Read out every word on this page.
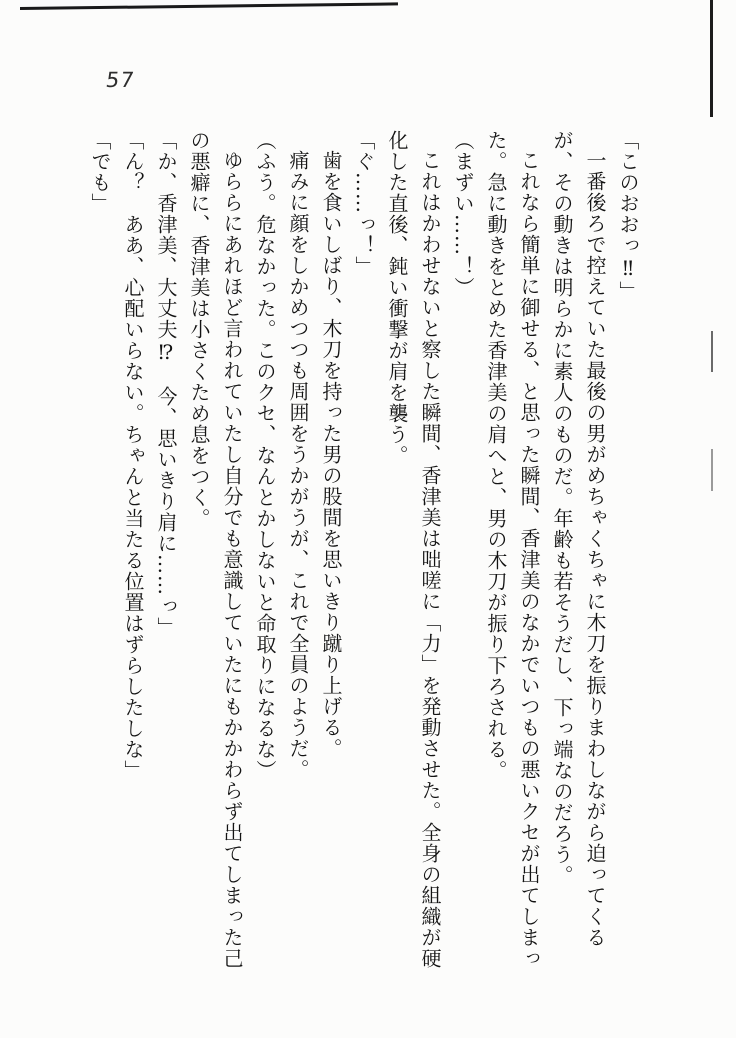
57

「このおおっ‼」

一番後ろで控えていた最後の男がめちゃくちゃに木刀を振りまわしながら迫ってくるが、その動きは明らかに素人のものだ。年齢も若そうだし、下っ端なのだろう。

これなら簡単に御せる、と思った瞬間、香津美のなかでいつもの悪いクセが出てしまった。急に動きをとめた香津美の肩へと、男の木刀が振り下ろされる。

（まずい……！）

これはかわせないと察した瞬間、香津美は咄嗟に「力」を発動させた。全身の組織が硬化した直後、鈍い衝撃が肩を襲う。

「ぐ……っ！」

歯を食いしばり、木刀を持った男の股間を思いきり蹴り上げる。

痛みに顔をしかめつつも周囲をうかがうが、これで全員のようだ。

（ふう。危なかった。このクセ、なんとかしないと命取りになるな）

ゆららにあれほど言われていたし自分でも意識していたにもかかわらず出てしまった己の悪癖に、香津美は小さくため息をつく。

「か、香津美、大丈夫⁉　今、思いきり肩に……っ」

「ん？　ああ、心配いらない。ちゃんと当たる位置はずらしたしな」

「でも」
